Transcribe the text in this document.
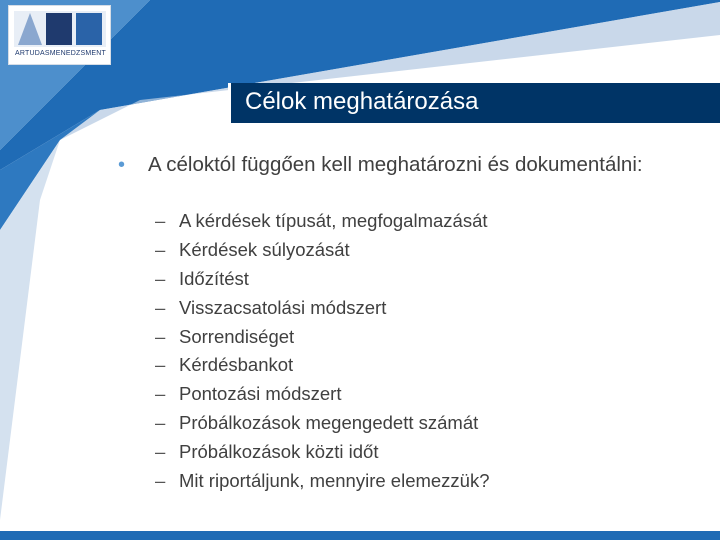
ARTUDASMENEDZSMENT
Célok meghatározása
• A céloktól függően kell meghatározni és dokumentálni:
– A kérdések típusát, megfogalmazását
– Kérdések súlyozását
– Időzítést
– Visszacsatolási módszert
– Sorrendiséget
– Kérdésbankot
– Pontozási módszert
– Próbálkozások megengedett számát
– Próbálkozások közti időt
– Mit riportáljunk, mennyire elemezzük?
